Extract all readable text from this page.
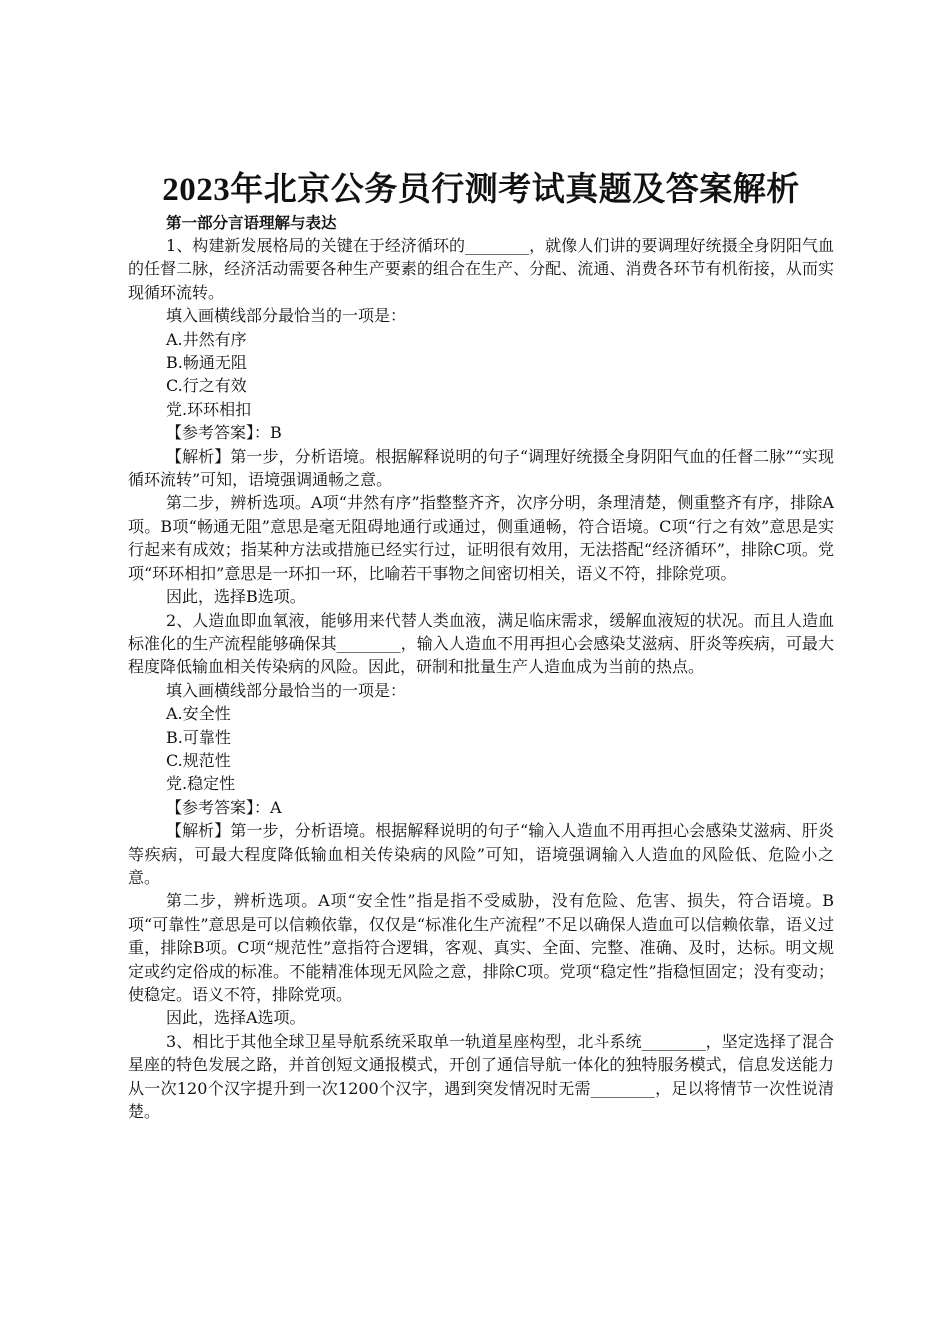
2023年北京公务员行测考试真题及答案解析

第一部分言语理解与表达

1、构建新发展格局的关键在于经济循环的________，就像人们讲的要调理好统摄全身阴阳气血的任督二脉，经济活动需要各种生产要素的组合在生产、分配、流通、消费各环节有机衔接，从而实现循环流转。

填入画横线部分最恰当的一项是：

A.井然有序

B.畅通无阻

C.行之有效

党.环环相扣

【参考答案】：B

【解析】第一步，分析语境。根据解释说明的句子“调理好统摄全身阴阳气血的任督二脉”“实现循环流转”可知，语境强调通畅之意。

第二步，辨析选项。A项“井然有序”指整整齐齐，次序分明，条理清楚，侧重整齐有序，排除A项。B项“畅通无阻”意思是毫无阻碍地通行或通过，侧重通畅，符合语境。C项“行之有效”意思是实行起来有成效；指某种方法或措施已经实行过，证明很有效用，无法搭配“经济循环”，排除C项。党项“环环相扣”意思是一环扣一环，比喻若干事物之间密切相关，语义不符，排除党项。

因此，选择B选项。

2、人造血即血氧液，能够用来代替人类血液，满足临床需求，缓解血液短的状况。而且人造血标准化的生产流程能够确保其________，输入人造血不用再担心会感染艾滋病、肝炎等疾病，可最大程度降低输血相关传染病的风险。因此，研制和批量生产人造血成为当前的热点。

填入画横线部分最恰当的一项是：

A.安全性

B.可靠性

C.规范性

党.稳定性

【参考答案】：A

【解析】第一步，分析语境。根据解释说明的句子“输入人造血不用再担心会感染艾滋病、肝炎等疾病，可最大程度降低输血相关传染病的风险”可知，语境强调输入人造血的风险低、危险小之意。

第二步，辨析选项。A项“安全性”指是指不受威胁，没有危险、危害、损失，符合语境。B项“可靠性”意思是可以信赖依靠，仅仅是“标准化生产流程”不足以确保人造血可以信赖依靠，语义过重，排除B项。C项“规范性”意指符合逻辑，客观、真实、全面、完整、准确、及时，达标。明文规定或约定俗成的标准。不能精准体现无风险之意，排除C项。党项“稳定性”指稳恒固定；没有变动；使稳定。语义不符，排除党项。

因此，选择A选项。

3、相比于其他全球卫星导航系统采取单一轨道星座构型，北斗系统________，坚定选择了混合星座的特色发展之路，并首创短文通报模式，开创了通信导航一体化的独特服务模式，信息发送能力从一次120个汉字提升到一次1200个汉字，遇到突发情况时无需________，足以将情节一次性说清楚。
